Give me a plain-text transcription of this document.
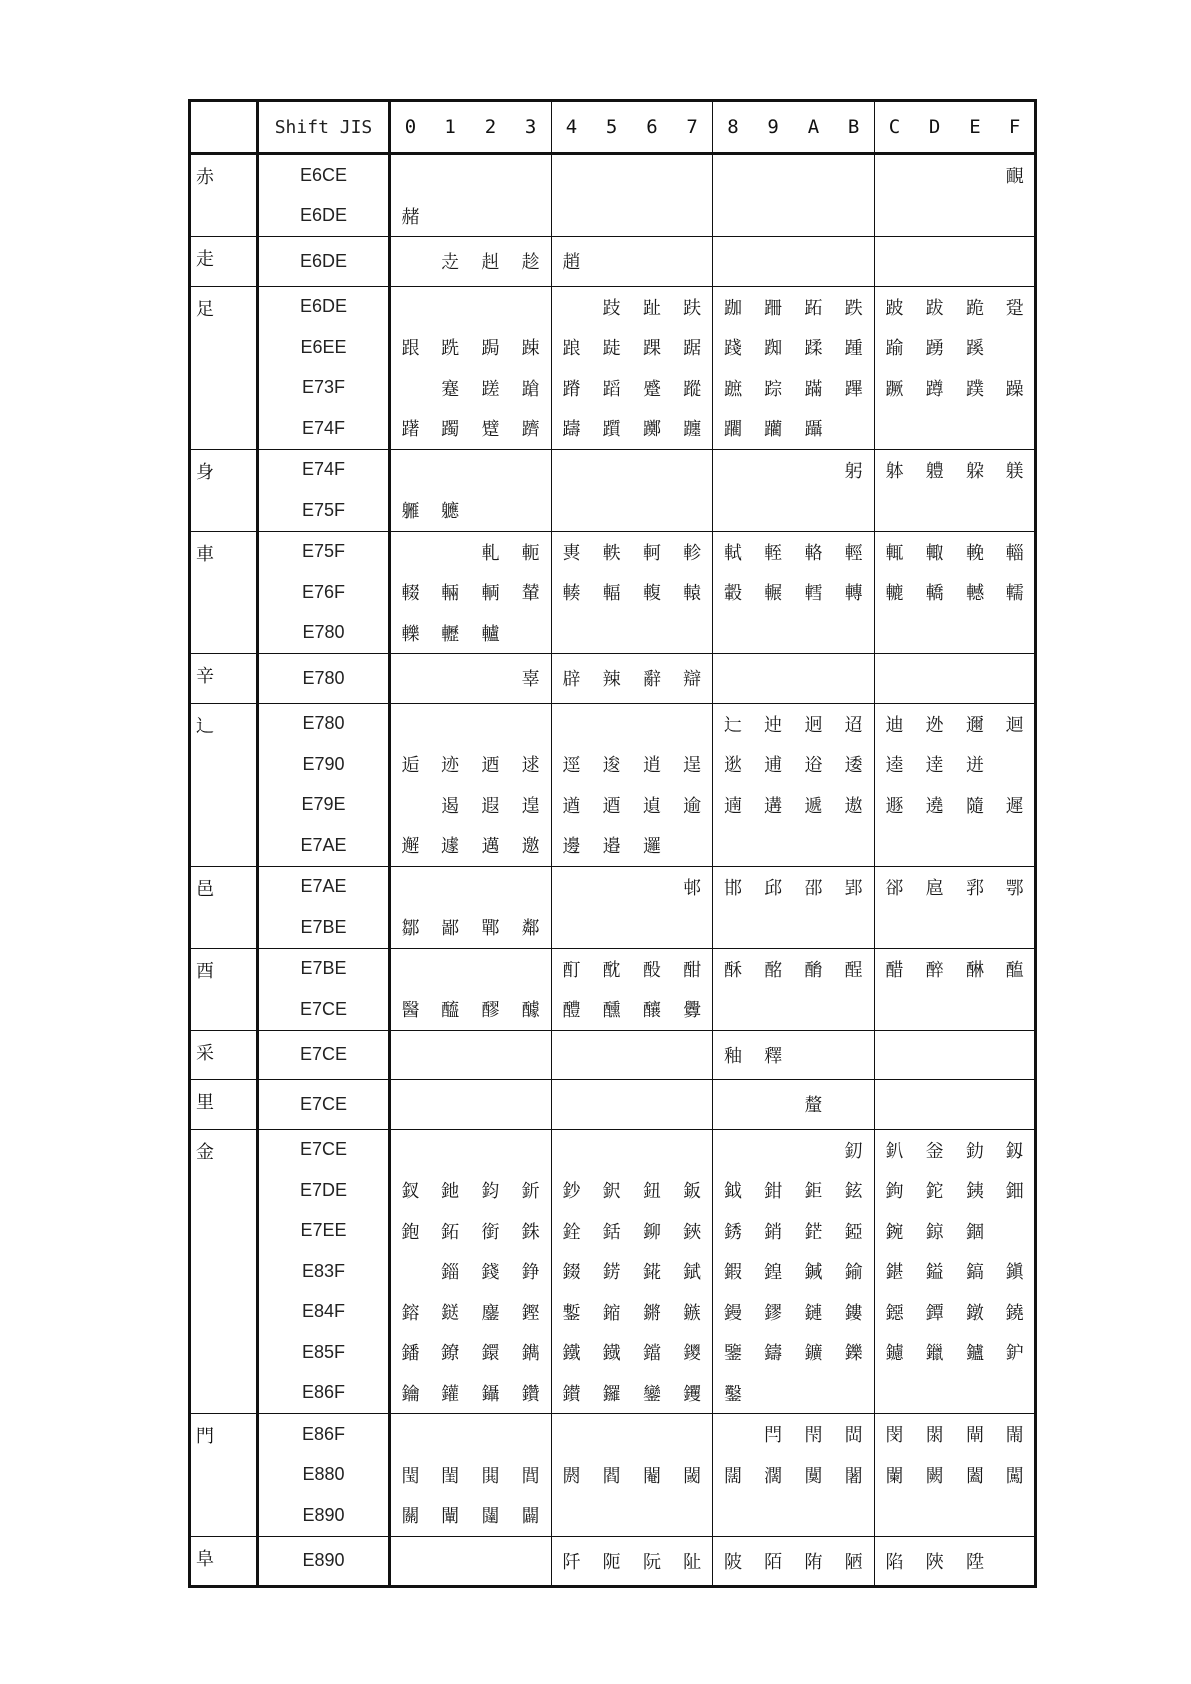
	Shift JIS	0	1	2	3	4	5	6	7	8	9	A	B	C	D	E	F
赤	E6CE																靦
	E6DE	赭															
走	E6DE		赱	赳	趁	趙											
足	E6DE						跂	趾	趺	跏	跚	跖	跌	跛	跋	跪	跫
	E6EE	跟	跣	跼	踈	踉	跿	踝	踞	踐	踟	蹂	踵	踰	踴	蹊	
	E73F		蹇	蹉	蹌	蹐	蹈	蹙	蹤	蹠	踪	蹣	蹕	蹶	蹲	蹼	躁
	E74F	躇	躅	躄	躋	躊	躓	躑	躔	躙	躪	躡					
身	E74F												躬	躰	軆	躱	躾
	E75F	軅	軈														
車	E75F			軋	軛	軣	軼	軻	軫	軾	輊	輅	輕	輒	輙	輓	輜
	E76F	輟	輛	輌	輦	輳	輻	輹	轅	轂	輾	轌	轉	轆	轎	轗	轜
	E780	轢	轣	轤													
辛	E780				辜	辟	辣	辭	辯								
⻌	E780									辷	迚	迥	迢	迪	迯	邇	迴
	E790	逅	迹	迺	逑	逕	逡	逍	逞	逖	逋	逧	逶	逵	逹	迸	
	E79E		遏	遐	遑	遒	逎	遉	逾	遖	遘	遞	遨	遯	遶	隨	遲
	E7AE	邂	遽	邁	邀	邊	邉	邏									
邑	E7AE								邨	邯	邱	邵	郢	郤	扈	郛	鄂
	E7BE	鄒	鄙	鄲	鄰												
酉	E7BE					酊	酖	酘	酣	酥	酩	酳	酲	醋	醉	醂	醢
	E7CE	醫	醯	醪	醵	醴	醺	釀	釁								
采	E7CE									釉	釋						
里	E7CE											釐					
金	E7CE												釖	釟	釡	釛	釼
	E7DE	釵	釶	鈞	釿	鈔	鈬	鈕	鈑	鉞	鉗	鉅	鉉	鉤	鉈	銕	鈿
	E7EE	鉋	鉐	銜	銖	銓	銛	鉚	鋏	銹	銷	鋩	錏	鋺	鍄	錮	
	E83F		錙	錢	錚	錣	錺	錵	錻	鍜	鍠	鍼	鍮	鍖	鎰	鎬	鎭
	E84F	鎔	鎹	鏖	鏗	鏨	鏥	鏘	鏃	鏝	鏐	鏈	鏤	鐚	鐔	鐓	鐃
	E85F	鐇	鐐	鐶	鐫	鐵	鐡	鐺	鑁	鑒	鑄	鑛	鑠	鑢	鑞	鑪	鈩
	E86F	鑰	鑵	鑷	鑽	鑚	鑼	鑾	钁	鑿							
門	E86F										閂	閇	閊	閔	閖	閘	閙
	E880	閠	閨	閧	閭	閼	閻	閹	閾	闊	濶	闃	闍	闌	闕	闔	闖
	E890	關	闡	闥	闢												
阜	E890					阡	阨	阮	阯	陂	陌	陏	陋	陷	陜	陞	
